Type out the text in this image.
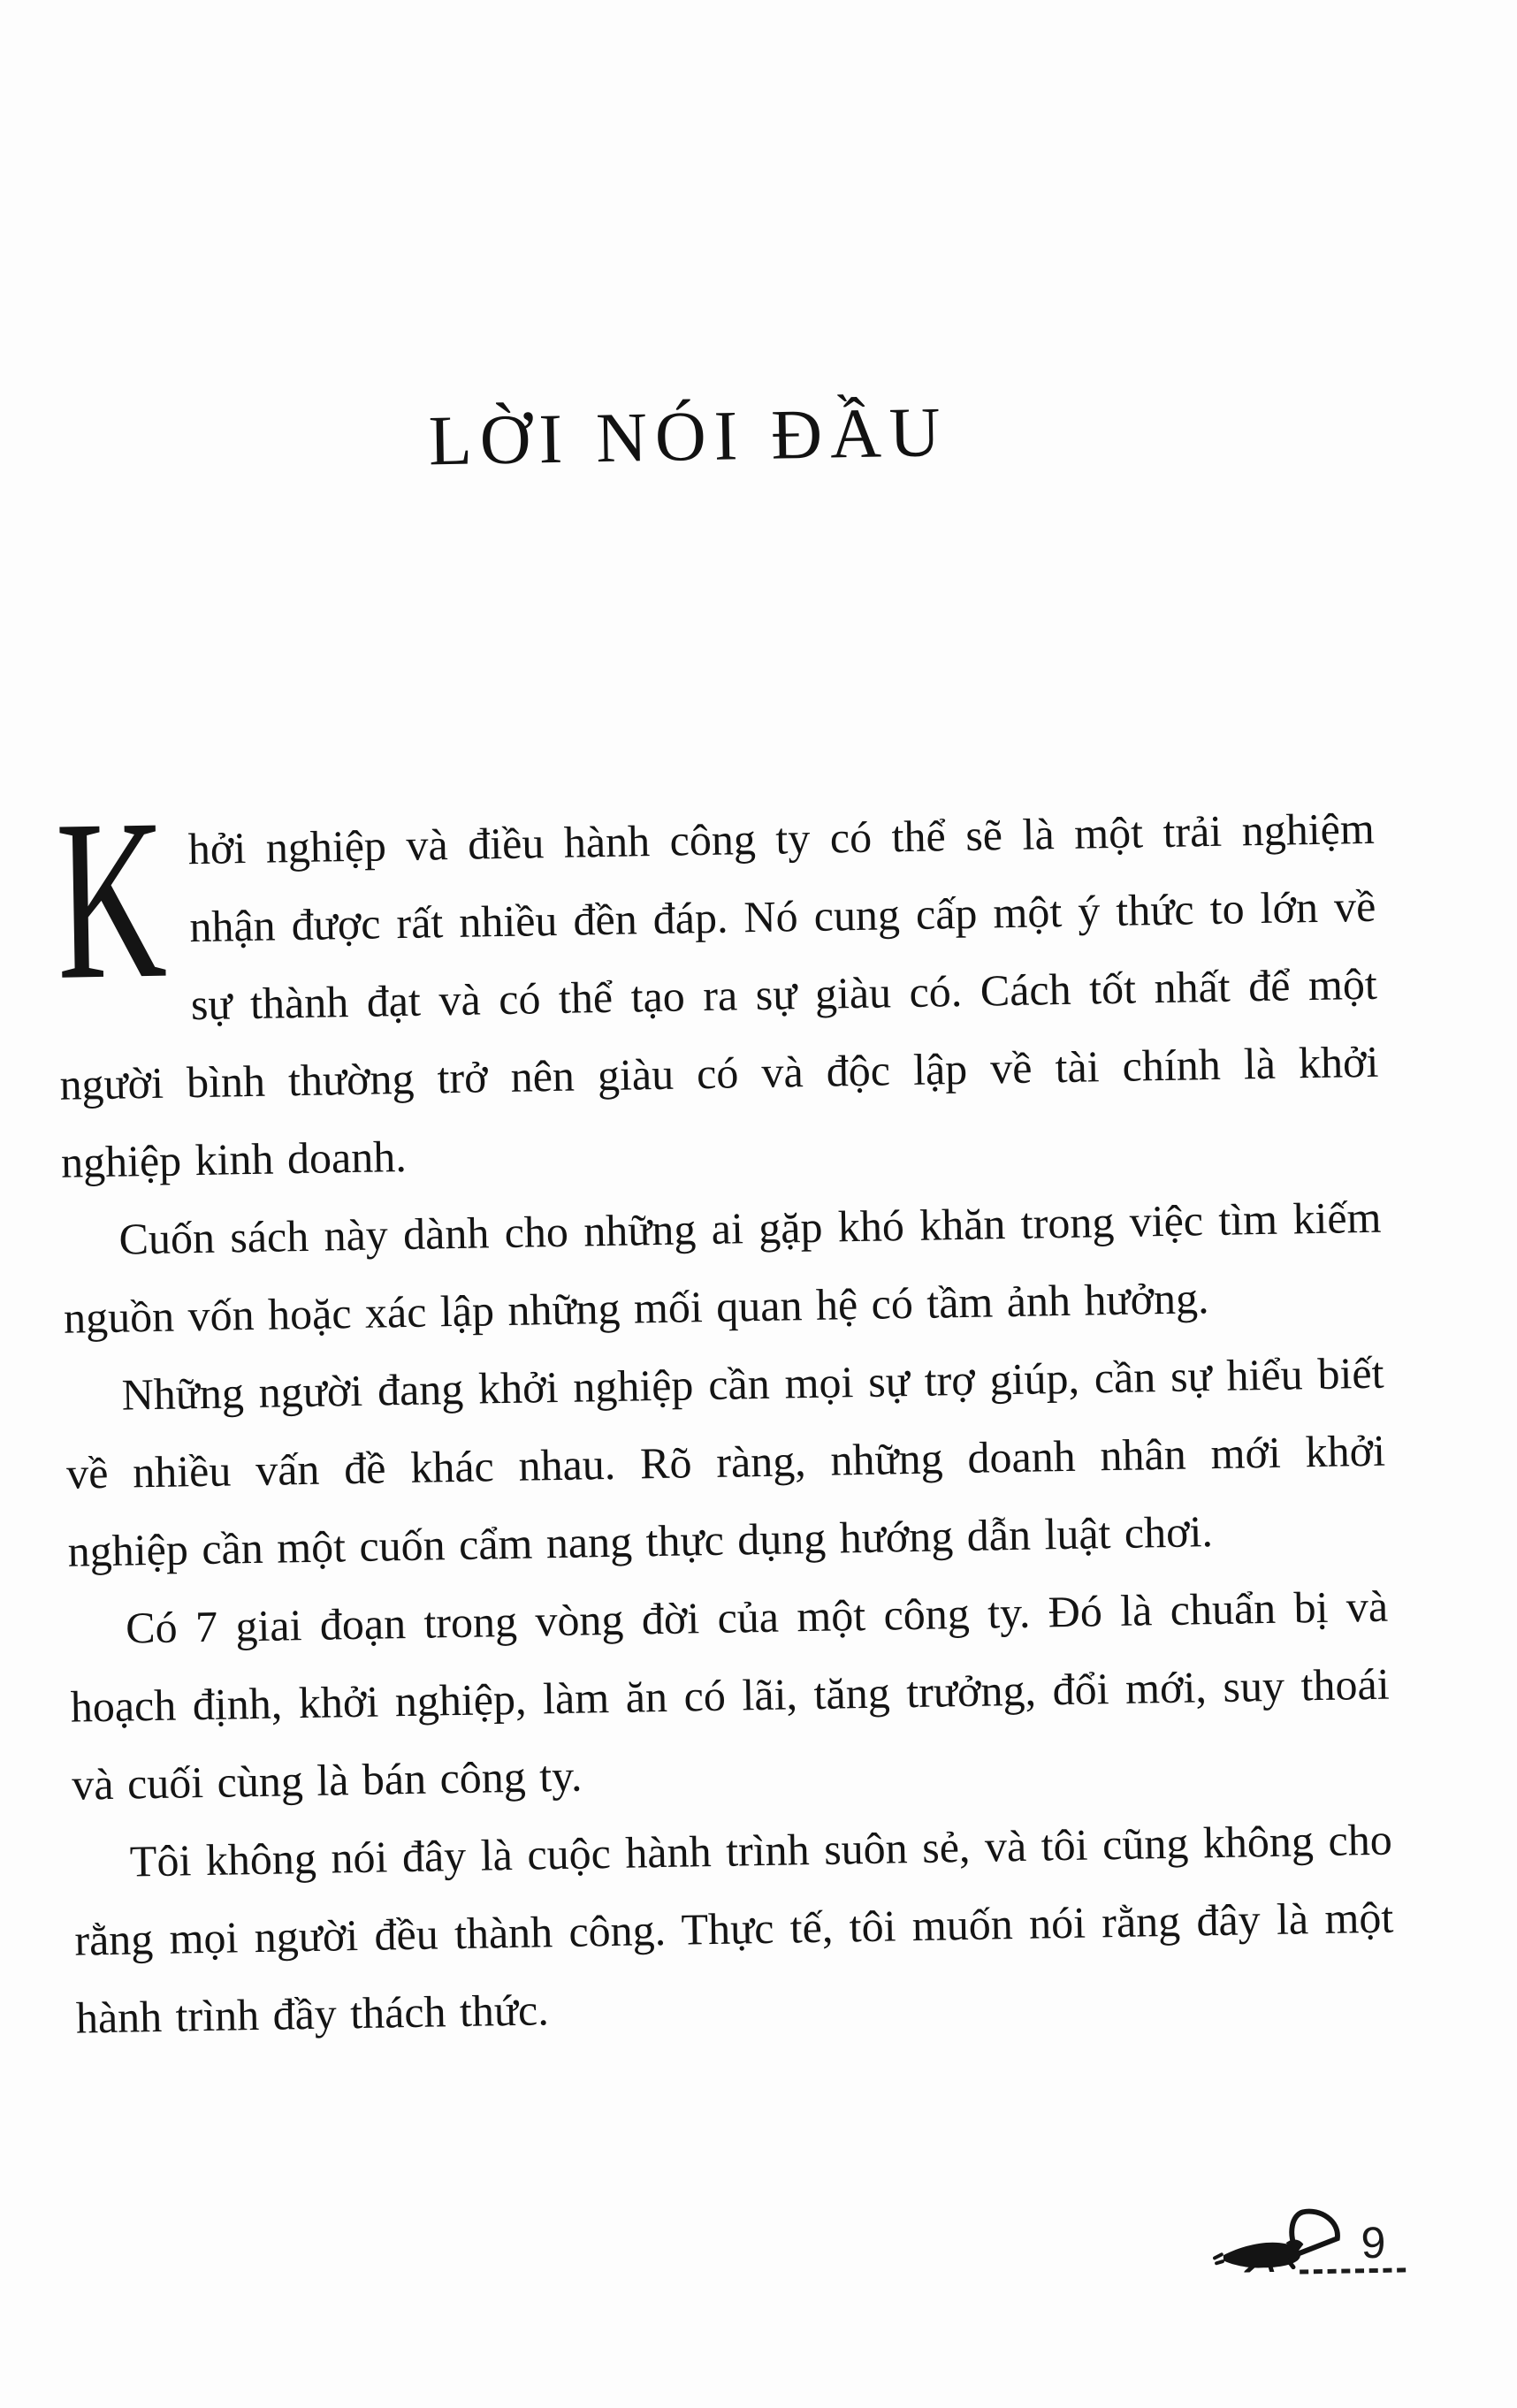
LỜI NÓI ĐẦU

K hởi nghiệp và điều hành công ty có thể sẽ là một trải nghiệm nhận được rất nhiều đền đáp. Nó cung cấp một ý thức to lớn về sự thành đạt và có thể tạo ra sự giàu có. Cách tốt nhất để một người bình thường trở nên giàu có và độc lập về tài chính là khởi nghiệp kinh doanh.

Cuốn sách này dành cho những ai gặp khó khăn trong việc tìm kiếm nguồn vốn hoặc xác lập những mối quan hệ có tầm ảnh hưởng.

Những người đang khởi nghiệp cần mọi sự trợ giúp, cần sự hiểu biết về nhiều vấn đề khác nhau. Rõ ràng, những doanh nhân mới khởi nghiệp cần một cuốn cẩm nang thực dụng hướng dẫn luật chơi.

Có 7 giai đoạn trong vòng đời của một công ty. Đó là chuẩn bị và hoạch định, khởi nghiệp, làm ăn có lãi, tăng trưởng, đổi mới, suy thoái và cuối cùng là bán công ty.

Tôi không nói đây là cuộc hành trình suôn sẻ, và tôi cũng không cho rằng mọi người đều thành công. Thực tế, tôi muốn nói rằng đây là một hành trình đầy thách thức.

9
